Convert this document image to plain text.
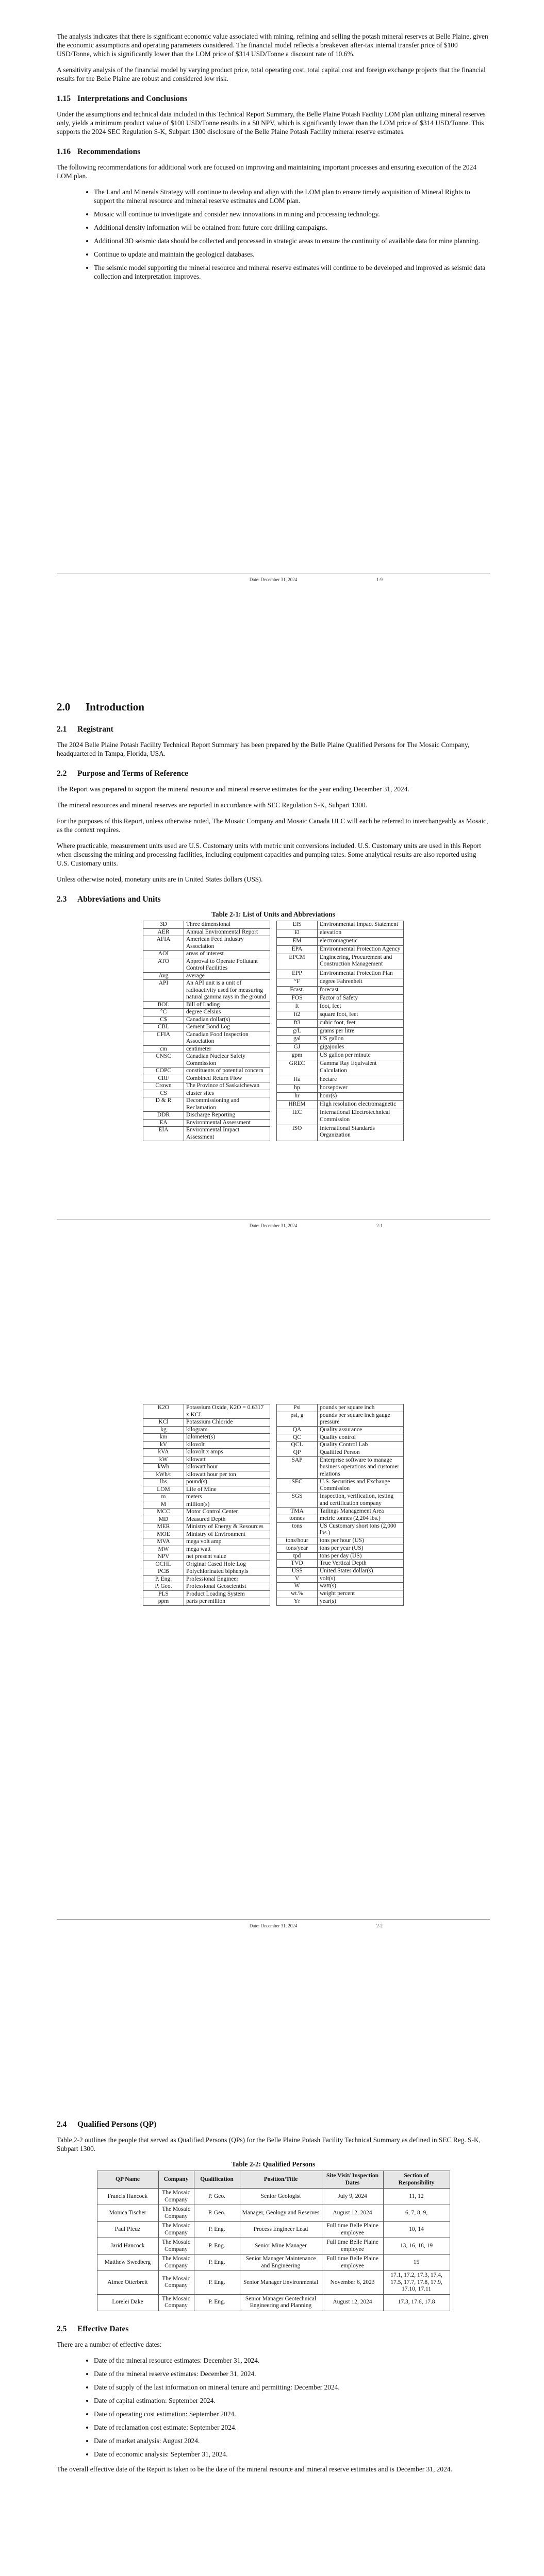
The analysis indicates that there is significant economic value associated with mining, refining and selling the potash mineral reserves at Belle Plaine, given the economic assumptions and operating parameters considered. The financial model reflects a breakeven after-tax internal transfer price of $100 USD/Tonne, which is significantly lower than the LOM price of $314 USD/Tonne a discount rate of 10.6%.

A sensitivity analysis of the financial model by varying product price, total operating cost, total capital cost and foreign exchange projects that the financial results for the Belle Plaine are robust and considered low risk.

1.15 Interpretations and Conclusions

Under the assumptions and technical data included in this Technical Report Summary, the Belle Plaine Potash Facility LOM plan utilizing mineral reserves only, yields a minimum product value of $100 USD/Tonne results in a $0 NPV, which is significantly lower than the LOM price of $314 USD/Tonne. This supports the 2024 SEC Regulation S-K, Subpart 1300 disclosure of the Belle Plaine Potash Facility mineral reserve estimates.

1.16 Recommendations

The following recommendations for additional work are focused on improving and maintaining important processes and ensuring execution of the 2024 LOM plan.

• The Land and Minerals Strategy will continue to develop and align with the LOM plan to ensure timely acquisition of Mineral Rights to support the mineral resource and mineral reserve estimates and LOM plan.
• Mosaic will continue to investigate and consider new innovations in mining and processing technology.
• Additional density information will be obtained from future core drilling campaigns.
• Additional 3D seismic data should be collected and processed in strategic areas to ensure the continuity of available data for mine planning.
• Continue to update and maintain the geological databases.
• The seismic model supporting the mineral resource and mineral reserve estimates will continue to be developed and improved as seismic data collection and interpretation improves.
Date: December 31, 2024	1-9
2.0 Introduction
2.1 Registrant

The 2024 Belle Plaine Potash Facility Technical Report Summary has been prepared by the Belle Plaine Qualified Persons for The Mosaic Company, headquartered in Tampa, Florida, USA.

2.2 Purpose and Terms of Reference

The Report was prepared to support the mineral resource and mineral reserve estimates for the year ending December 31, 2024.

The mineral resources and mineral reserves are reported in accordance with SEC Regulation S-K, Subpart 1300.

For the purposes of this Report, unless otherwise noted, The Mosaic Company and Mosaic Canada ULC will each be referred to interchangeably as Mosaic, as the context requires.

Where practicable, measurement units used are U.S. Customary units with metric unit conversions included. U.S. Customary units are used in this Report when discussing the mining and processing facilities, including equipment capacities and pumping rates. Some analytical results are also reported using U.S. Customary units.

Unless otherwise noted, monetary units are in United States dollars (US$).

2.3 Abbreviations and Units
Table 2-1: List of Units and Abbreviations
3D	Three dimensional
AER	Annual Environmental Report
AFIA	American Feed Industry Association
AOI	areas of interest
ATO	Approval to Operate Pollutant Control Facilities
Avg	average
API	An API unit is a unit of radioactivity used for measuring natural gamma rays in the ground
BOL	Bill of Lading
°C	degree Celsius
C$	Canadian dollar(s)
CBL	Cement Bond Log
CFIA	Canadian Food Inspection Association
cm	centimeter
CNSC	Canadian Nuclear Safety Commission
COPC	constituents of potential concern
CRF	Combined Return Flow
Crown	The Province of Saskatchewan
CS	cluster sites
D & R	Decommissioning and Reclamation
DDR	Discharge Reporting
EA	Environmental Assessment
EIA	Environmental Impact Assessment
EIS	Environmental Impact Statement
El	elevation
EM	electromagnetic
EPA	Environmental Protection Agency
EPCM	Engineering, Procurement and Construction Management
EPP	Environmental Protection Plan
°F	degree Fahrenheit
Fcast.	forecast
FOS	Factor of Safety
ft	foot, feet
ft2	square foot, feet
ft3	cubic foot, feet
g/L	grams per litre
gal	US gallon
GJ	gigajoules
gpm	US gallon per minute
GREC	Gamma Ray Equivalent Calculation
Ha	hectare
hp	horsepower
hr	hour(s)
HREM	High resolution electromagnetic
IEC	International Electrotechnical Commission
ISO	International Standards Organization
Date: December 31, 2024	2-1
K2O	Potassium Oxide, K2O = 0.6317 x KCL
KCl	Potassium Chloride
kg	kilogram
km	kilometer(s)
kV	kilovolt
kVA	kilovolt x amps
kW	kilowatt
kWh	kilowatt hour
kWh/t	kilowatt hour per ton
lbs	pound(s)
LOM	Life of Mine
m	meters
M	million(s)
MCC	Motor Control Center
MD	Measured Depth
MER	Ministry of Energy & Resources
MOE	Ministry of Environment
MVA	mega volt amp
MW	mega watt
NPV	net present value
OCHL	Original Cased Hole Log
PCB	Polychlorinated biphenyls
P. Eng.	Professional Engineer
P. Geo.	Professional Geoscientist
PLS	Product Loading System
ppm	parts per million
Psi	pounds per square inch
psi, g	pounds per square inch gauge pressure
QA	Quality assurance
QC	Quality control
QCL	Quality Control Lab
QP	Qualified Person
SAP	Enterprise software to manage business operations and customer relations
SEC	U.S. Securities and Exchange Commission
SGS	Inspection, verification, testing and certification company
TMA	Tailings Management Area
tonnes	metric tonnes (2,204 lbs.)
tons	US Customary short tons (2,000 lbs.)
tons/hour	tons per hour (US)
tons/year	tons per year (US)
tpd	tons per day (US)
TVD	True Vertical Depth
US$	United States dollar(s)
V	volt(s)
W	watt(s)
wt.%	weight percent
Yr	year(s)
Date: December 31, 2024	2-2
2.4 Qualified Persons (QP)

Table 2-2 outlines the people that served as Qualified Persons (QPs) for the Belle Plaine Potash Facility Technical Summary as defined in SEC Reg. S-K, Subpart 1300.

Table 2-2: Qualified Persons
QP Name	Company	Qualification	Position/Title	Site Visit/ Inspection Dates	Section of Responsibility
Francis Hancock	The Mosaic Company	P. Geo.	Senior Geologist	July 9, 2024	11, 12
Monica Tischer	The Mosaic Company	P. Geo.	Manager, Geology and Reserves	August 12, 2024	6, 7, 8, 9,
Paul Pfeuz	The Mosaic Company	P. Eng.	Process Engineer Lead	Full time Belle Plaine employee	10, 14
Jarid Hancock	The Mosaic Company	P. Eng.	Senior Mine Manager	Full time Belle Plaine employee	13, 16, 18, 19
Matthew Swedberg	The Mosaic Company	P. Eng.	Senior Manager Maintenance and Engineering	Full time Belle Plaine employee	15
Aimee Otterbreit	The Mosaic Company	P. Eng.	Senior Manager Environmental	November 6, 2023	17.1, 17.2, 17.3, 17.4, 17.5, 17.7, 17.8, 17.9, 17.10, 17.11
Lorelei Dake	The Mosaic Company	P. Eng.	Senior Manager Geotechnical Engineering and Planning	August 12, 2024	17.3, 17.6, 17.8
2.5 Effective Dates

There are a number of effective dates:

• Date of the mineral resource estimates: December 31, 2024.
• Date of the mineral reserve estimates: December 31, 2024.
• Date of supply of the last information on mineral tenure and permitting: December 2024.
• Date of capital estimation: September 2024.
• Date of operating cost estimation: September 2024.
• Date of reclamation cost estimate: September 2024.
• Date of market analysis: August 2024.
• Date of economic analysis: September 31, 2024.

The overall effective date of the Report is taken to be the date of the mineral resource and mineral reserve estimates and is December 31, 2024.
